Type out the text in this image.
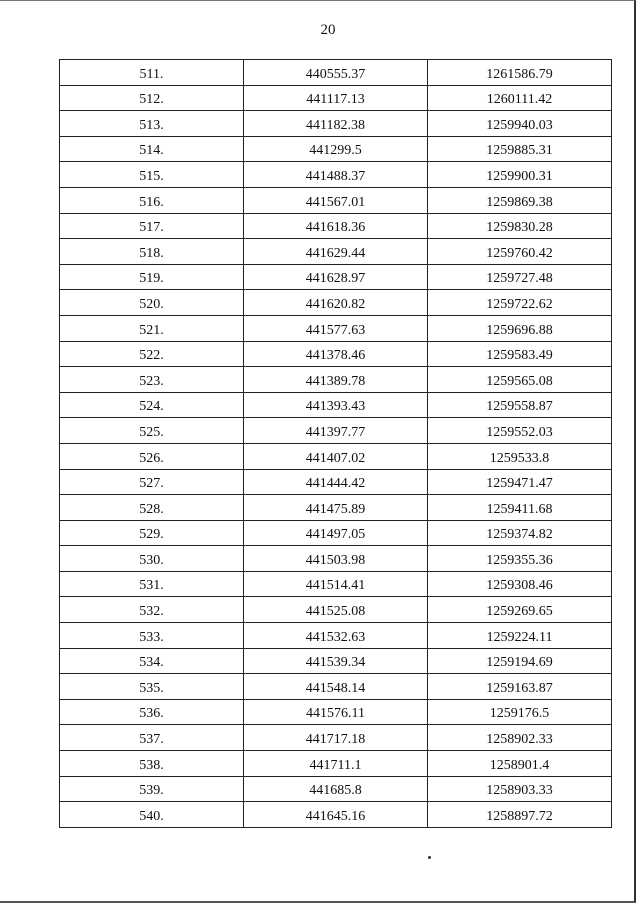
20
511.	440555.37	1261586.79
512.	441117.13	1260111.42
513.	441182.38	1259940.03
514.	441299.5	1259885.31
515.	441488.37	1259900.31
516.	441567.01	1259869.38
517.	441618.36	1259830.28
518.	441629.44	1259760.42
519.	441628.97	1259727.48
520.	441620.82	1259722.62
521.	441577.63	1259696.88
522.	441378.46	1259583.49
523.	441389.78	1259565.08
524.	441393.43	1259558.87
525.	441397.77	1259552.03
526.	441407.02	1259533.8
527.	441444.42	1259471.47
528.	441475.89	1259411.68
529.	441497.05	1259374.82
530.	441503.98	1259355.36
531.	441514.41	1259308.46
532.	441525.08	1259269.65
533.	441532.63	1259224.11
534.	441539.34	1259194.69
535.	441548.14	1259163.87
536.	441576.11	1259176.5
537.	441717.18	1258902.33
538.	441711.1	1258901.4
539.	441685.8	1258903.33
540.	441645.16	1258897.72
